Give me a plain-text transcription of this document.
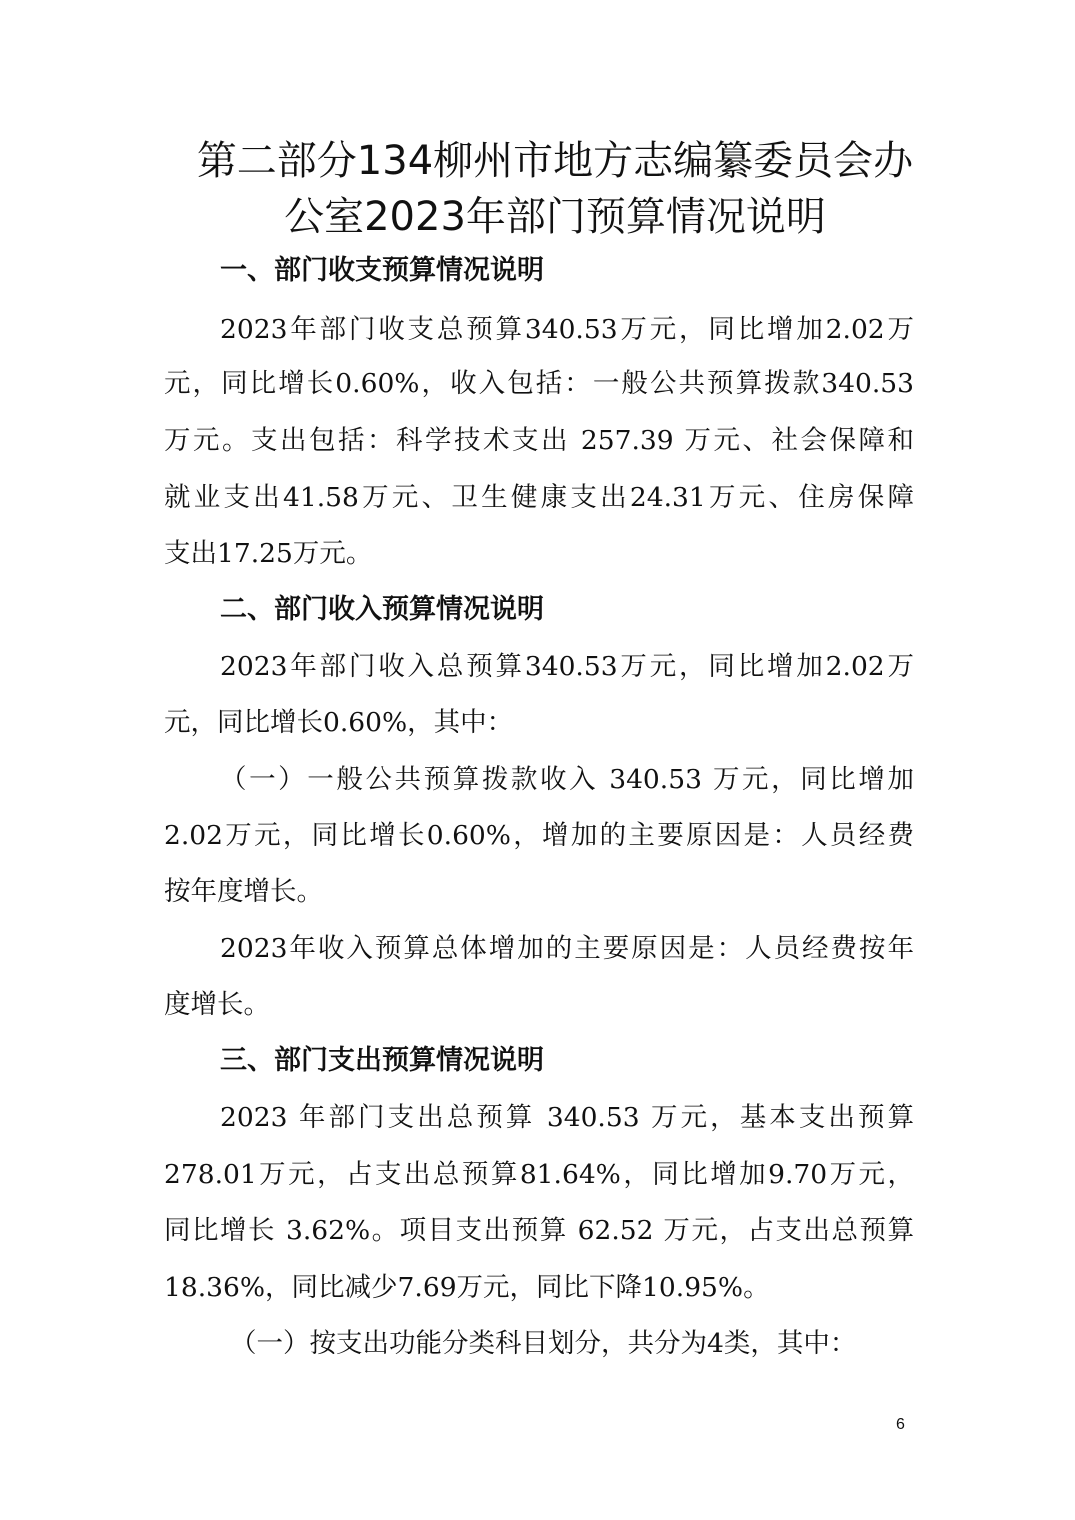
第二部分134柳州市地方志编纂委员会办
公室2023年部门预算情况说明
一、部门收支预算情况说明
2023年部门收支总预算340.53万元，同比增加2.02万
元，同比增长0.60%，收入包括：一般公共预算拨款340.53
万元。支出包括：科学技术支出 257.39 万元、社会保障和
就业支出41.58万元、卫生健康支出24.31万元、住房保障
支出17.25万元。
二、部门收入预算情况说明
2023年部门收入总预算340.53万元，同比增加2.02万
元，同比增长0.60%，其中：
（一）一般公共预算拨款收入 340.53 万元，同比增加
2.02万元，同比增长0.60%，增加的主要原因是：人员经费
按年度增长。
2023年收入预算总体增加的主要原因是：人员经费按年
度增长。
三、部门支出预算情况说明
2023 年部门支出总预算 340.53 万元，基本支出预算
278.01万元，占支出总预算81.64%，同比增加9.70万元，
同比增长 3.62%。项目支出预算 62.52 万元，占支出总预算
18.36%，同比减少7.69万元，同比下降10.95%。
（一）按支出功能分类科目划分，共分为4类，其中：
6
